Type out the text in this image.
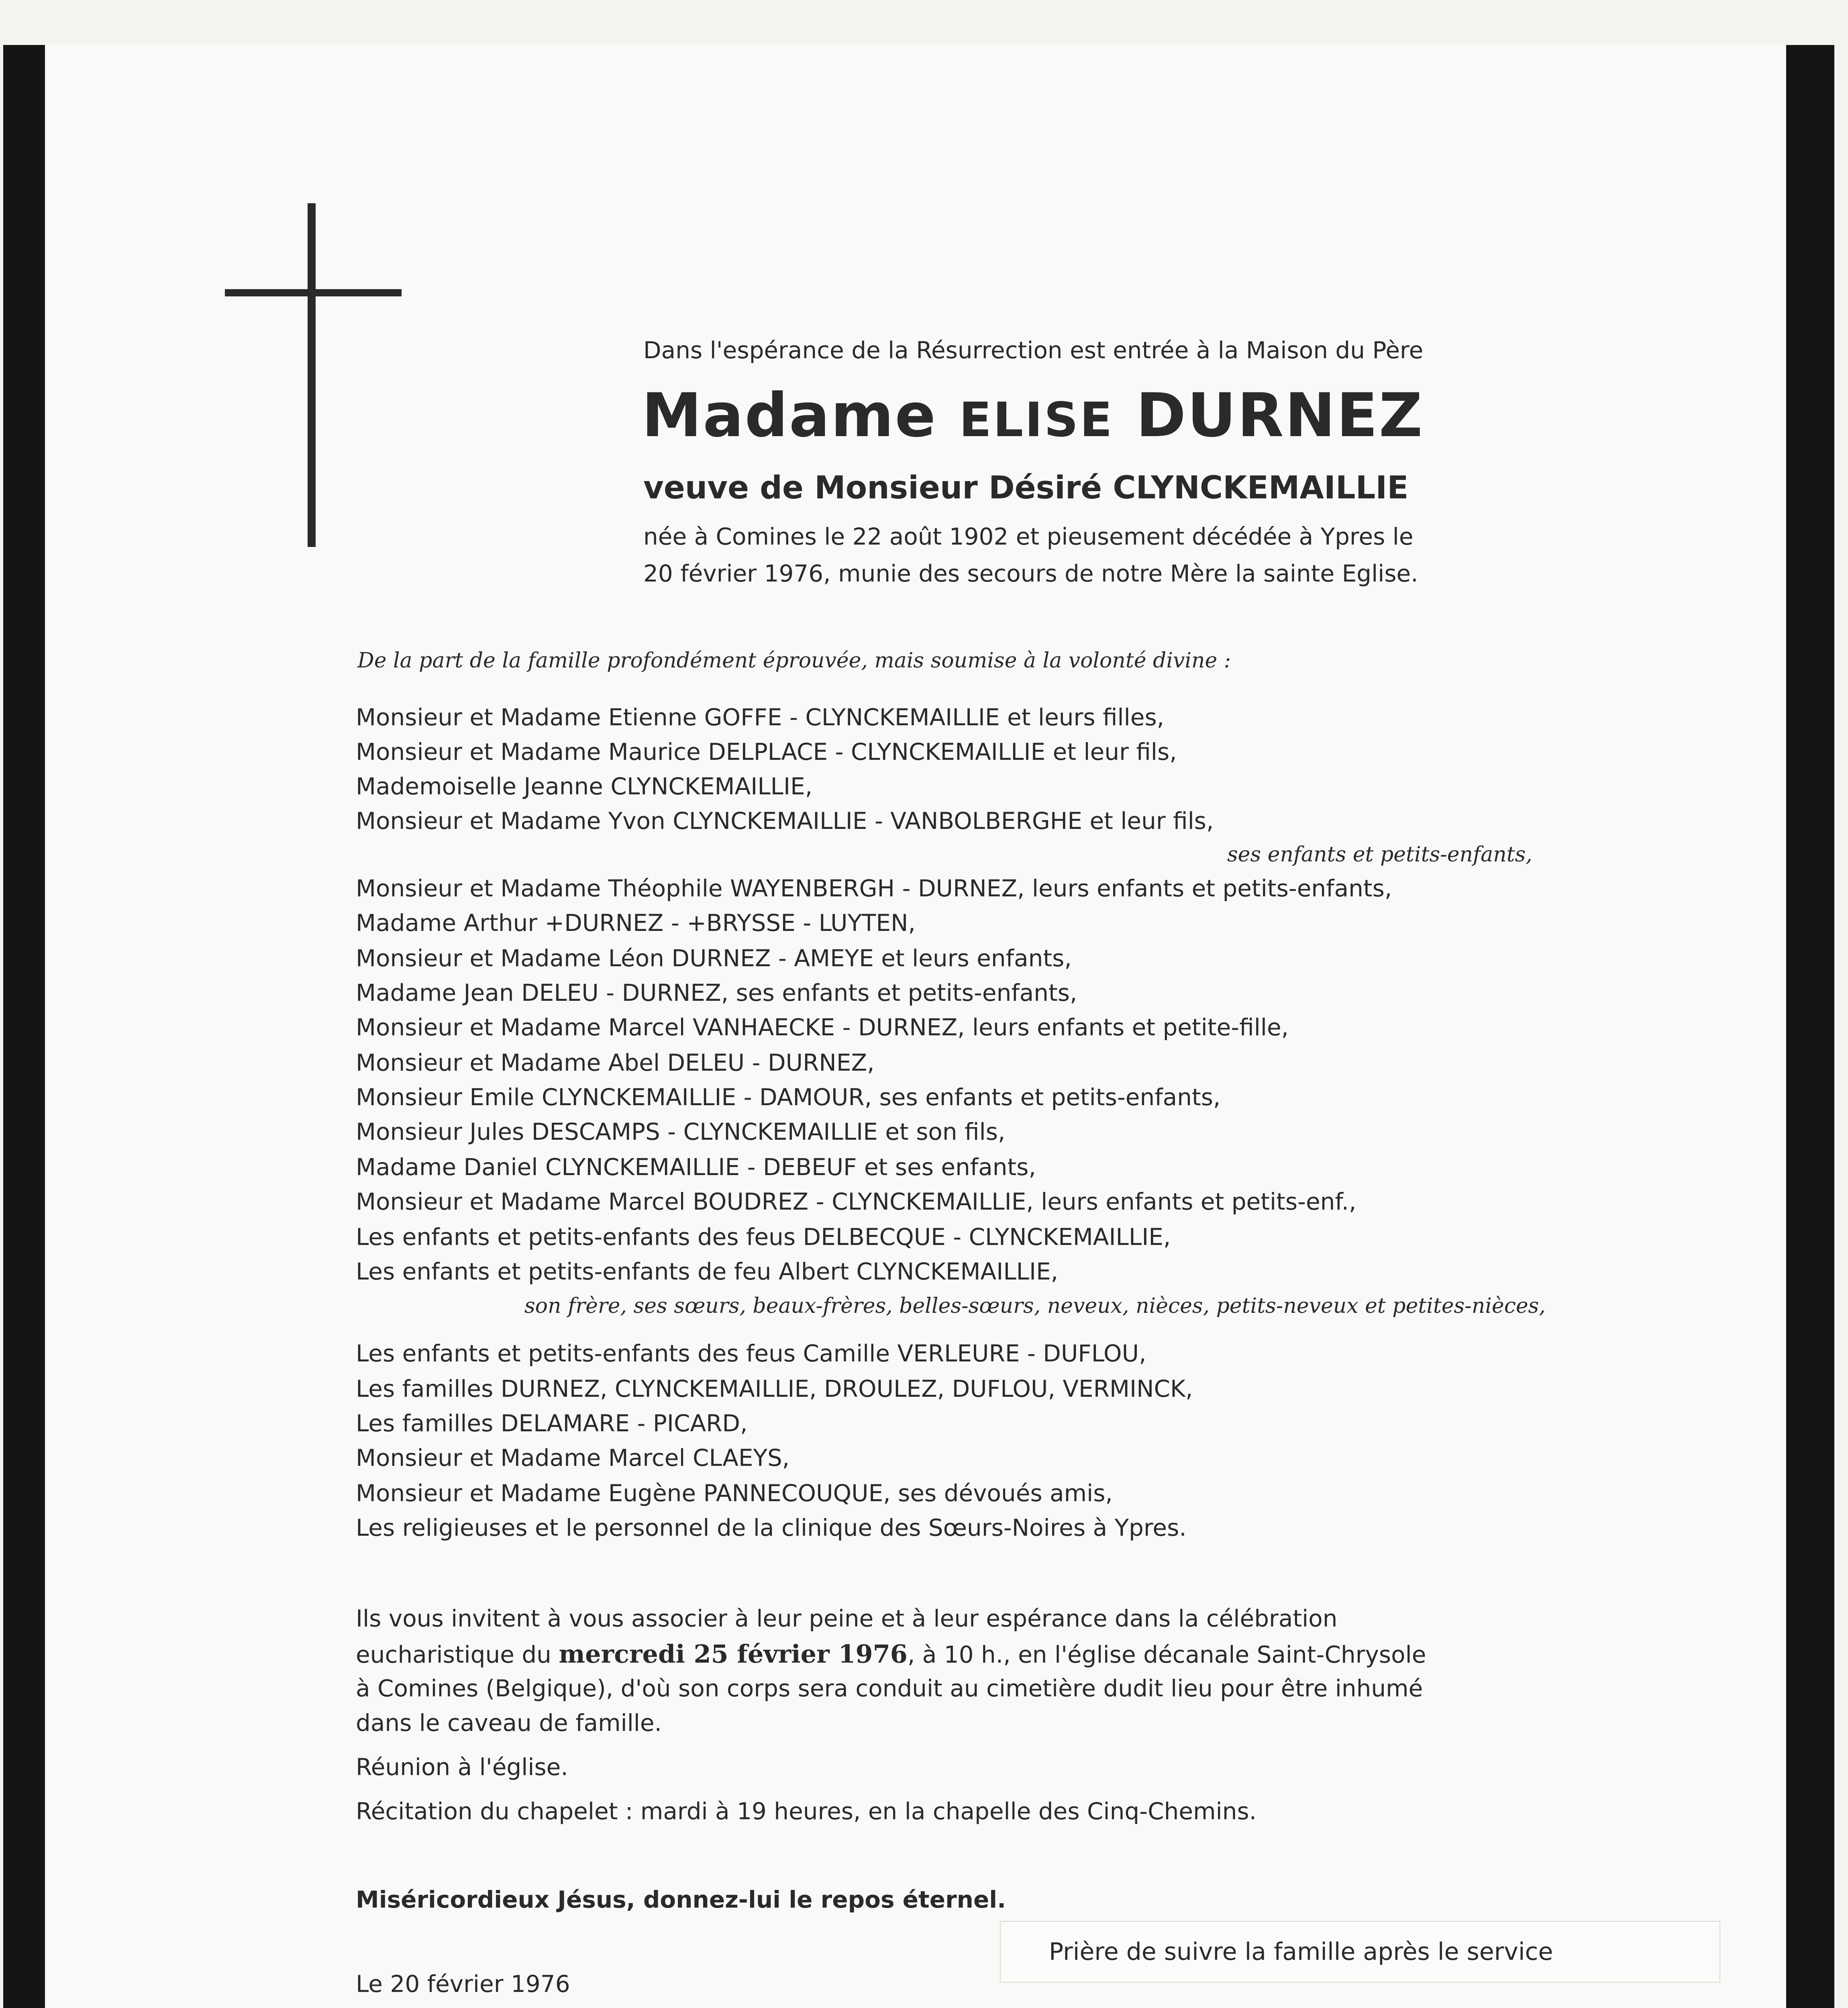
Dans l'espérance de la Résurrection est entrée à la Maison du Père
Madame ELISE DURNEZ
veuve de Monsieur Désiré CLYNCKEMAILLIE
née à Comines le 22 août 1902 et pieusement décédée à Ypres le
20 février 1976, munie des secours de notre Mère la sainte Eglise.
De la part de la famille profondément éprouvée, mais soumise à la volonté divine :
Monsieur et Madame Etienne GOFFE - CLYNCKEMAILLIE et leurs filles,
Monsieur et Madame Maurice DELPLACE - CLYNCKEMAILLIE et leur fils,
Mademoiselle Jeanne CLYNCKEMAILLIE,
Monsieur et Madame Yvon CLYNCKEMAILLIE - VANBOLBERGHE et leur fils,
ses enfants et petits-enfants,
Monsieur et Madame Théophile WAYENBERGH - DURNEZ, leurs enfants et petits-enfants,
Madame Arthur +DURNEZ - +BRYSSE - LUYTEN,
Monsieur et Madame Léon DURNEZ - AMEYE et leurs enfants,
Madame Jean DELEU - DURNEZ, ses enfants et petits-enfants,
Monsieur et Madame Marcel VANHAECKE - DURNEZ, leurs enfants et petite-fille,
Monsieur et Madame Abel DELEU - DURNEZ,
Monsieur Emile CLYNCKEMAILLIE - DAMOUR, ses enfants et petits-enfants,
Monsieur Jules DESCAMPS - CLYNCKEMAILLIE et son fils,
Madame Daniel CLYNCKEMAILLIE - DEBEUF et ses enfants,
Monsieur et Madame Marcel BOUDREZ - CLYNCKEMAILLIE, leurs enfants et petits-enf.,
Les enfants et petits-enfants des feus DELBECQUE - CLYNCKEMAILLIE,
Les enfants et petits-enfants de feu Albert CLYNCKEMAILLIE,
son frère, ses sœurs, beaux-frères, belles-sœurs, neveux, nièces, petits-neveux et petites-nièces,
Les enfants et petits-enfants des feus Camille VERLEURE - DUFLOU,
Les familles DURNEZ, CLYNCKEMAILLIE, DROULEZ, DUFLOU, VERMINCK,
Les familles DELAMARE - PICARD,
Monsieur et Madame Marcel CLAEYS,
Monsieur et Madame Eugène PANNECOUQUE, ses dévoués amis,
Les religieuses et le personnel de la clinique des Sœurs-Noires à Ypres.
Ils vous invitent à vous associer à leur peine et à leur espérance dans la célébration
eucharistique du mercredi 25 février 1976, à 10 h., en l'église décanale Saint-Chrysole
à Comines (Belgique), d'où son corps sera conduit au cimetière dudit lieu pour être inhumé
dans le caveau de famille.
Réunion à l'église.
Récitation du chapelet : mardi à 19 heures, en la chapelle des Cinq-Chemins.
Miséricordieux Jésus, donnez-lui le repos éternel.
Le 20 février 1976
Prière de suivre la famille après le service
